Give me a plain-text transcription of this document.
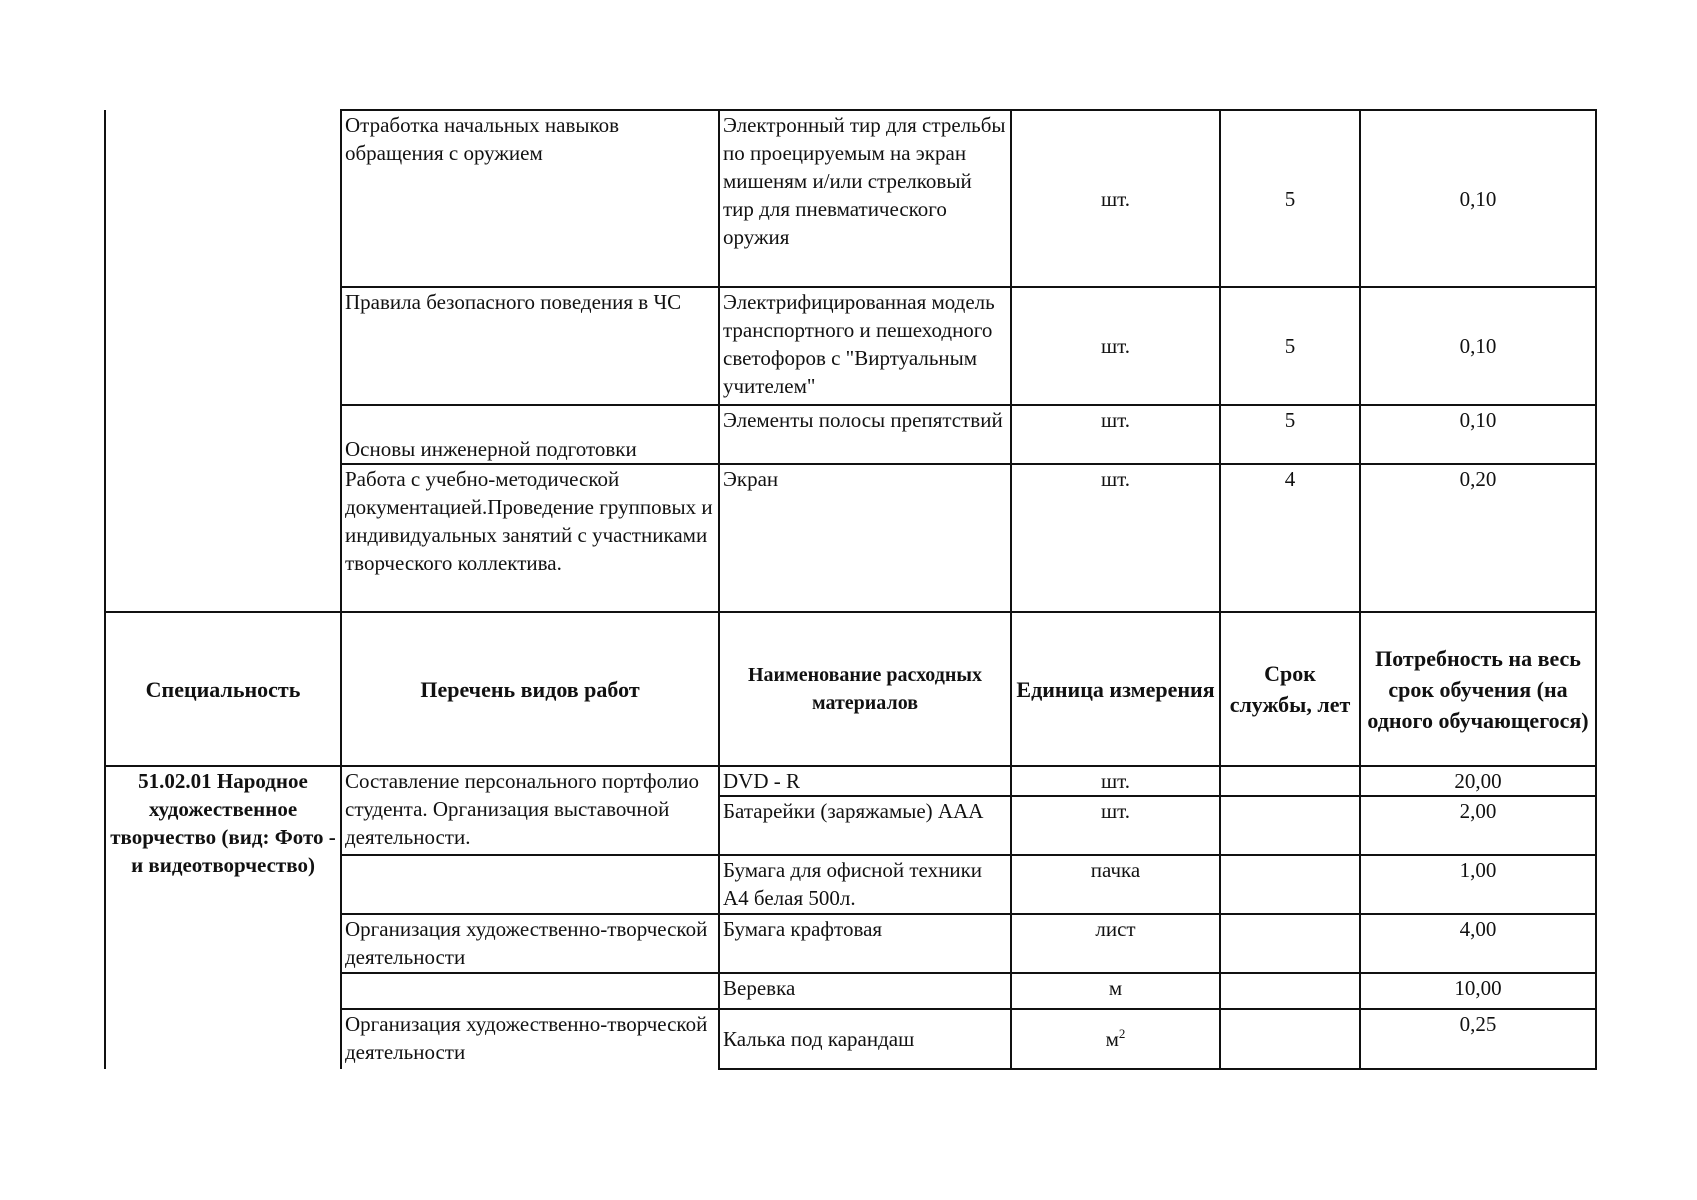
	Отработка начальных навыков обращения с оружием	Электронный тир для стрельбы по проецируемым на экран мишеням и/или стрелковый тир для пневматического оружия	шт.	5	0,10
	Правила безопасного поведения в ЧС	Электрифицированная модель транспортного и пешеходного светофоров с "Виртуальным учителем"	шт.	5	0,10
	Основы инженерной подготовки	Элементы полосы препятствий	шт.	5	0,10
	Работа с учебно-методической документацией.Проведение групповых и индивидуальных занятий с участниками творческого коллектива.	Экран	шт.	4	0,20
Специальность	Перечень видов работ	Наименование расходных материалов	Единица измерения	Срок службы, лет	Потребность на весь срок обучения (на одного обучающегося)
51.02.01 Народное художественное творчество (вид: Фото - и видеотворчество)	Составление персонального портфолио студента. Организация выставочной деятельности.	DVD - R	шт.		20,00
		Батарейки (заряжамые) ААА	шт.		2,00
		Бумага для офисной техники А4 белая 500л.	пачка		1,00
	Организация художественно-творческой деятельности	Бумага крафтовая	лист		4,00
		Веревка	м		10,00
	Организация художественно-творческой деятельности	Калька под карандаш	$м^2$		0,25
